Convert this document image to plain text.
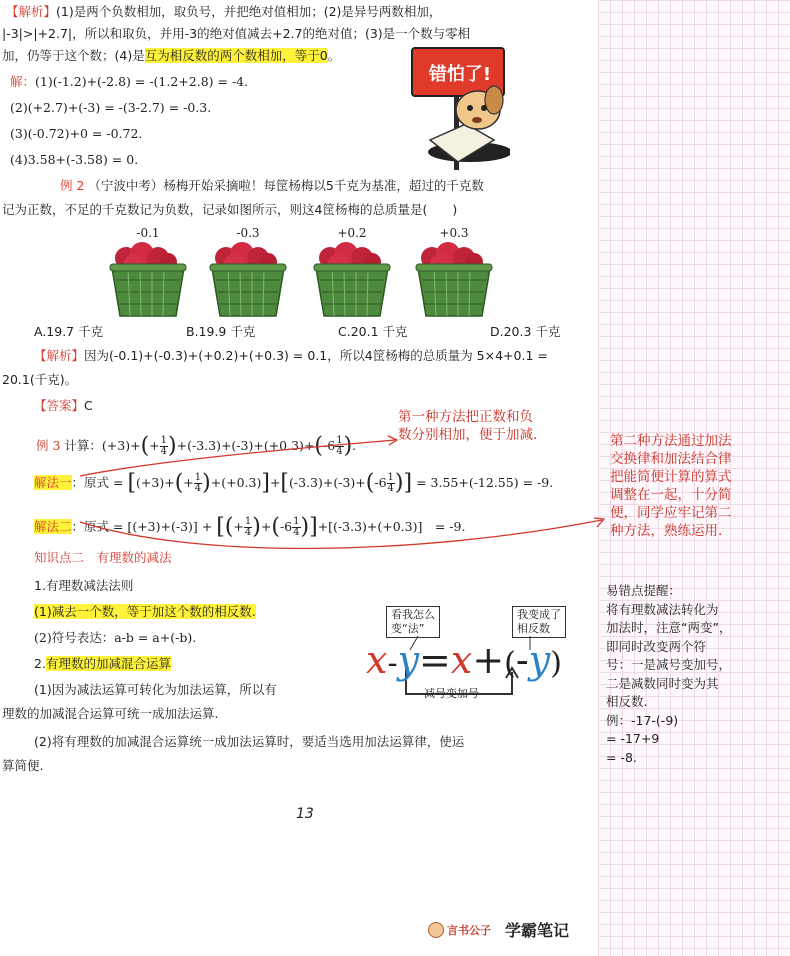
【解析】(1)是两个负数相加，取负号，并把绝对值相加；(2)是异号两数相加，
|-3|>|+2.7|，所以和取负，并用-3的绝对值减去+2.7的绝对值；(3)是一个数与零相
加，仍等于这个数；(4)是互为相反数的两个数相加，等于0。
解：(1)(-1.2)+(-2.8) = -(1.2+2.8) = -4.
(2)(+2.7)+(-3) = -(3-2.7) = -0.3.
(3)(-0.72)+0 = -0.72.
(4)3.58+(-3.58) = 0.
错怕了!
例 2 （宁波中考）杨梅开始采摘啦！每筐杨梅以5千克为基准，超过的千克数
记为正数，不足的千克数记为负数，记录如图所示，则这4筐杨梅的总质量是(　　)
-0.1	-0.3	+0.2	+0.3
A.19.7 千克	B.19.9 千克	C.20.1 千克	D.20.3 千克
【解析】因为(-0.1)+(-0.3)+(+0.2)+(+0.3) = 0.1，所以4筐杨梅的总质量为 5×4+0.1 =
20.1(千克)。
【答案】C
例 3 计算：$(+3)+(+ \frac{1}{4} )+(-3.3)+(-3)+(+0.3)+(-6 \frac{1}{4}$ ).
第一种方法把正数和负
数分别相加，便于加减.
解法一：原式 = $[(+3)+(+ \frac{1}{4} )+(+0.3)]+[(-3.3)+(-3)+(-6 \frac{1}{4}$ )] = 3.55+(-12.55) = -9.
解法二：原式 = [(+3)+(-3)] + [(+ $\frac{1}{4} )+(-6 \frac{1}{4} )]+[(-3.3)+(+0.3)]$　= -9.
知识点二　有理数的减法
1.有理数减法法则
(1)减去一个数，等于加这个数的相反数.
(2)符号表达：a-b = a+(-b).
2.有理数的加减混合运算
(1)因为减法运算可转化为加法运算，所以有
理数的加减混合运算可统一成加法运算.
(2)将有理数的加减混合运算统一成加法运算时，要适当选用加法运算律，使运
算简便.
看我怎么
变“法”
我变成了
相反数
x-y=x+(-y)
减号变加号
第二种方法通过加法
交换律和加法结合律
把能简便计算的算式
调整在一起，十分简
便，同学应牢记第二
种方法，熟练运用.
易错点提醒：
将有理数减法转化为
加法时，注意“两变”，
即同时改变两个符
号：一是减号变加号，
二是减数同时变为其
相反数.
例：-17-(-9)
= -17+9
= -8.
13
言书公子 学霸笔记
